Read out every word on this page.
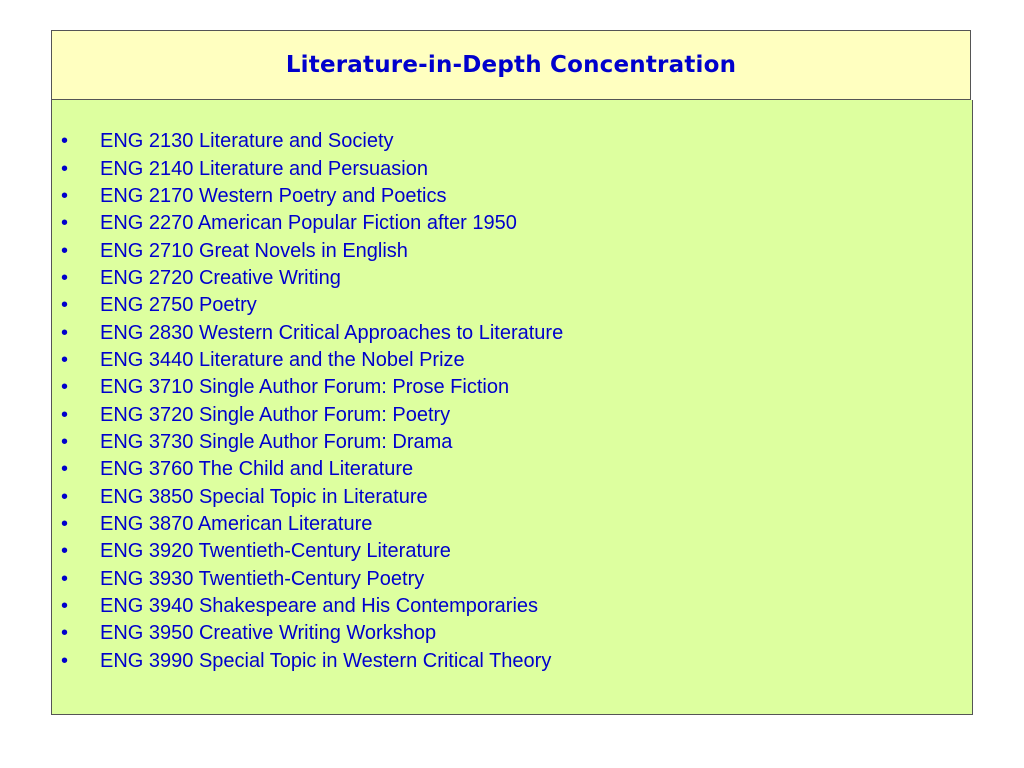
Literature-in-Depth Concentration
•	ENG 2130 Literature and Society
•	ENG 2140 Literature and Persuasion
•	ENG 2170 Western Poetry and Poetics
•	ENG 2270 American Popular Fiction after 1950
•	ENG 2710 Great Novels in English
•	ENG 2720 Creative Writing
•	ENG 2750 Poetry
•	ENG 2830 Western Critical Approaches to Literature
•	ENG 3440 Literature and the Nobel Prize
•	ENG 3710 Single Author Forum: Prose Fiction
•	ENG 3720 Single Author Forum: Poetry
•	ENG 3730 Single Author Forum: Drama
•	ENG 3760 The Child and Literature
•	ENG 3850 Special Topic in Literature
•	ENG 3870 American Literature
•	ENG 3920 Twentieth-Century Literature
•	ENG 3930 Twentieth-Century Poetry
•	ENG 3940 Shakespeare and His Contemporaries
•	ENG 3950 Creative Writing Workshop
•	ENG 3990 Special Topic in Western Critical Theory
